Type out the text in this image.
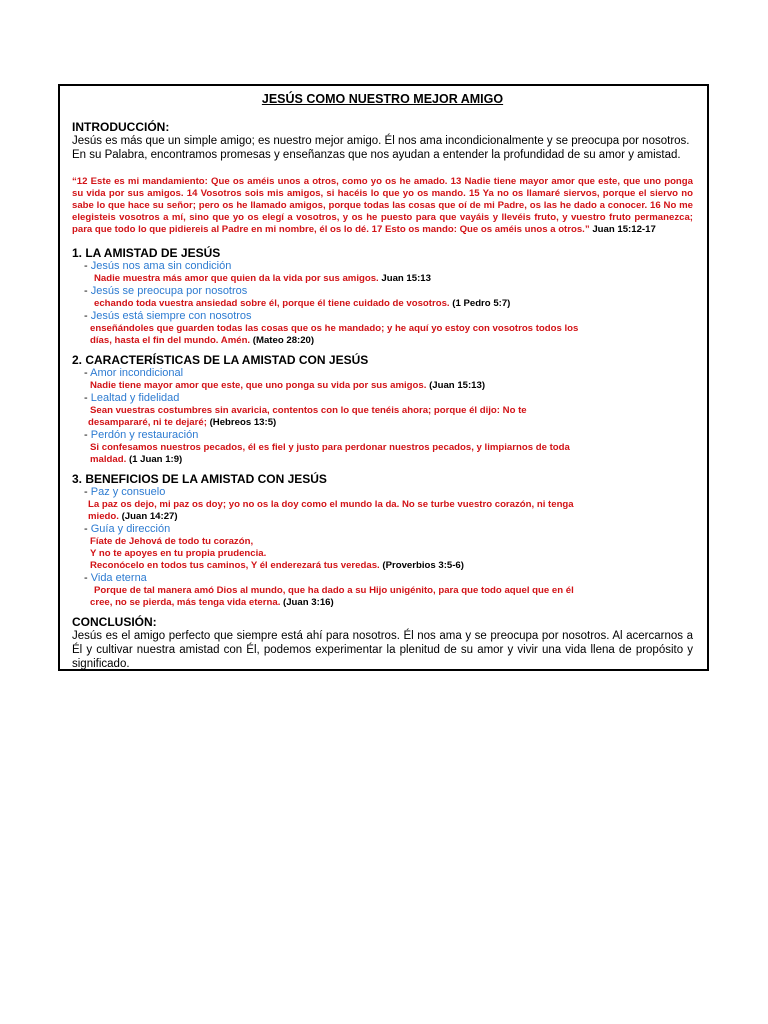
JESÚS COMO NUESTRO MEJOR AMIGO
INTRODUCCIÓN:
Jesús es más que un simple amigo; es nuestro mejor amigo. Él nos ama incondicionalmente y se preocupa por nosotros.
En su Palabra, encontramos promesas y enseñanzas que nos ayudan a entender la profundidad de su amor y amistad.
“12 Este es mi mandamiento: Que os améis unos a otros, como yo os he amado. 13 Nadie tiene mayor amor que este, que uno ponga su vida por sus amigos. 14 Vosotros sois mis amigos, si hacéis lo que yo os mando. 15 Ya no os llamaré siervos, porque el siervo no sabe lo que hace su señor; pero os he llamado amigos, porque todas las cosas que oí de mi Padre, os las he dado a conocer. 16 No me elegisteis vosotros a mí, sino que yo os elegí a vosotros, y os he puesto para que vayáis y llevéis fruto, y vuestro fruto permanezca; para que todo lo que pidiereis al Padre en mi nombre, él os lo dé. 17 Esto os mando: Que os améis unos a otros.” Juan 15:12-17
1. LA AMISTAD DE JESÚS
- Jesús nos ama sin condición
Nadie muestra más amor que quien da la vida por sus amigos. Juan 15:13
- Jesús se preocupa por nosotros
echando toda vuestra ansiedad sobre él, porque él tiene cuidado de vosotros. (1 Pedro 5:7)
- Jesús está siempre con nosotros
enseñándoles que guarden todas las cosas que os he mandado; y he aquí yo estoy con vosotros todos los
días, hasta el fin del mundo. Amén. (Mateo 28:20)
2. CARACTERÍSTICAS DE LA AMISTAD CON JESÚS
- Amor incondicional
Nadie tiene mayor amor que este, que uno ponga su vida por sus amigos. (Juan 15:13)
- Lealtad y fidelidad
Sean vuestras costumbres sin avaricia, contentos con lo que tenéis ahora; porque él dijo: No te
desampararé, ni te dejaré; (Hebreos 13:5)
- Perdón y restauración
Si confesamos nuestros pecados, él es fiel y justo para perdonar nuestros pecados, y limpiarnos de toda
maldad. (1 Juan 1:9)
3. BENEFICIOS DE LA AMISTAD CON JESÚS
- Paz y consuelo
La paz os dejo, mi paz os doy; yo no os la doy como el mundo la da. No se turbe vuestro corazón, ni tenga
miedo. (Juan 14:27)
- Guía y dirección
Fíate de Jehová de todo tu corazón,
Y no te apoyes en tu propia prudencia.
Reconócelo en todos tus caminos, Y él enderezará tus veredas. (Proverbios 3:5-6)
- Vida eterna
Porque de tal manera amó Dios al mundo, que ha dado a su Hijo unigénito, para que todo aquel que en él
cree, no se pierda, más tenga vida eterna. (Juan 3:16)
CONCLUSIÓN:
Jesús es el amigo perfecto que siempre está ahí para nosotros. Él nos ama y se preocupa por nosotros. Al acercarnos a Él y cultivar nuestra amistad con Él, podemos experimentar la plenitud de su amor y vivir una vida llena de propósito y significado.
